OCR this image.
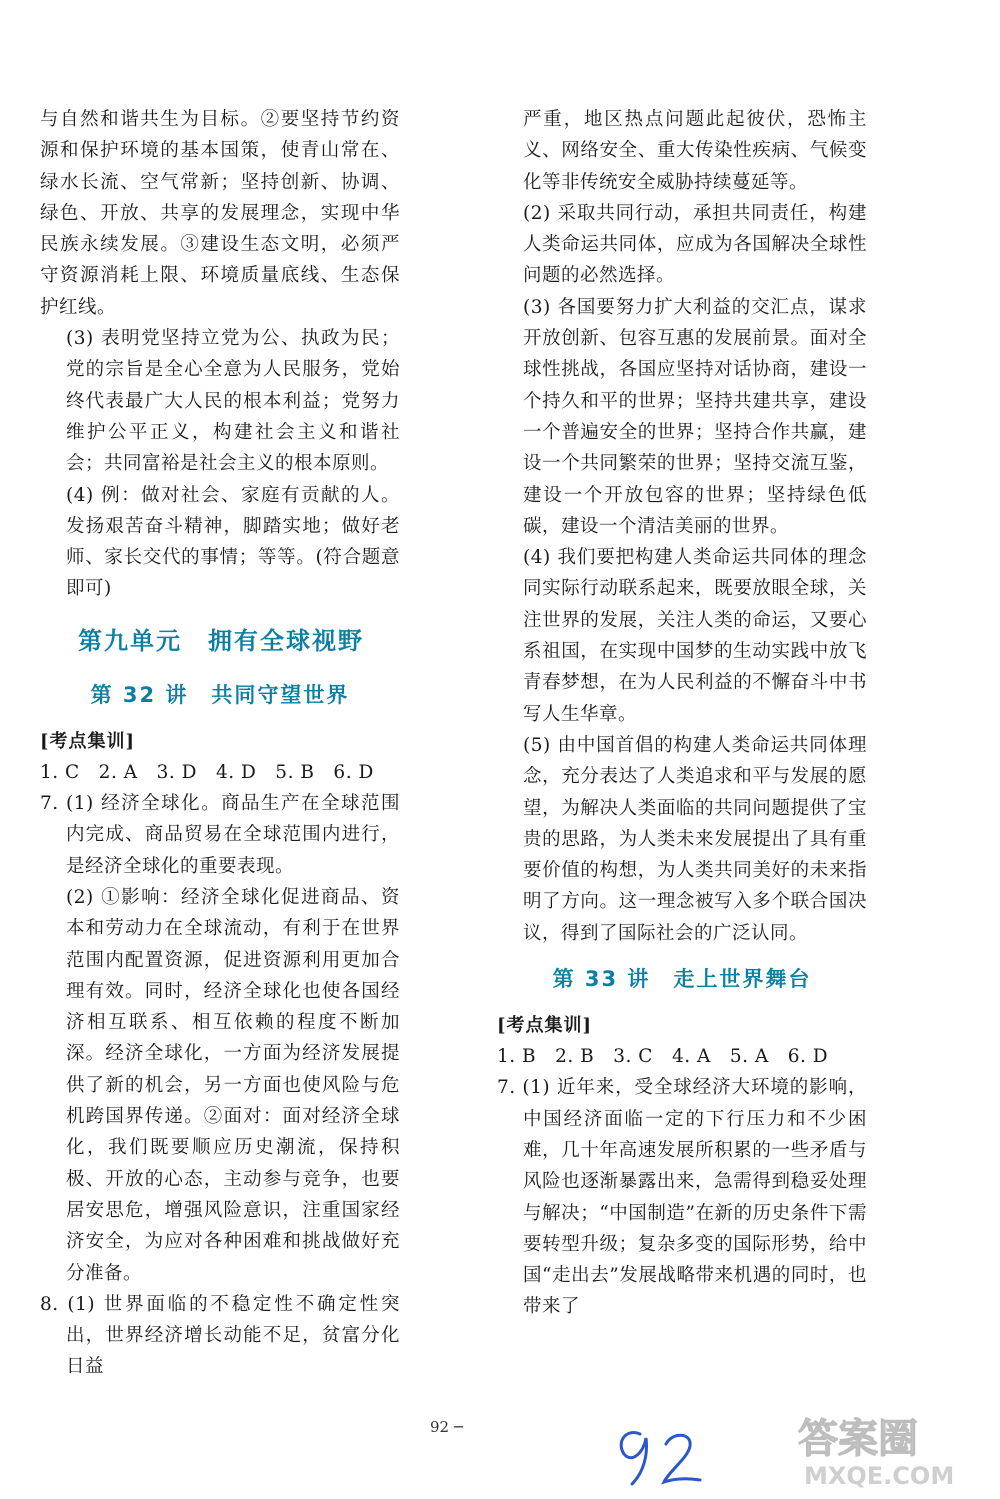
与自然和谐共生为目标。②要坚持节约资源和保护环境的基本国策，使青山常在、绿水长流、空气常新；坚持创新、协调、绿色、开放、共享的发展理念，实现中华民族永续发展。③建设生态文明，必须严守资源消耗上限、环境质量底线、生态保护红线。

(3) 表明党坚持立党为公、执政为民；党的宗旨是全心全意为人民服务，党始终代表最广大人民的根本利益；党努力维护公平正义，构建社会主义和谐社会；共同富裕是社会主义的根本原则。

(4) 例：做对社会、家庭有贡献的人。发扬艰苦奋斗精神，脚踏实地；做好老师、家长交代的事情；等等。(符合题意即可)

第九单元　拥有全球视野
第 32 讲　共同守望世界

[考点集训]

1. C　2. A　3. D　4. D　5. B　6. D

7. (1) 经济全球化。商品生产在全球范围内完成、商品贸易在全球范围内进行，是经济全球化的重要表现。

(2) ①影响：经济全球化促进商品、资本和劳动力在全球流动，有利于在世界范围内配置资源，促进资源利用更加合理有效。同时，经济全球化也使各国经济相互联系、相互依赖的程度不断加深。经济全球化，一方面为经济发展提供了新的机会，另一方面也使风险与危机跨国界传递。②面对：面对经济全球化，我们既要顺应历史潮流，保持积极、开放的心态，主动参与竞争，也要居安思危，增强风险意识，注重国家经济安全，为应对各种困难和挑战做好充分准备。

8. (1) 世界面临的不稳定性不确定性突出，世界经济增长动能不足，贫富分化日益

严重，地区热点问题此起彼伏，恐怖主义、网络安全、重大传染性疾病、气候变化等非传统安全威胁持续蔓延等。

(2) 采取共同行动，承担共同责任，构建人类命运共同体，应成为各国解决全球性问题的必然选择。

(3) 各国要努力扩大利益的交汇点，谋求开放创新、包容互惠的发展前景。面对全球性挑战，各国应坚持对话协商，建设一个持久和平的世界；坚持共建共享，建设一个普遍安全的世界；坚持合作共赢，建设一个共同繁荣的世界；坚持交流互鉴，建设一个开放包容的世界；坚持绿色低碳，建设一个清洁美丽的世界。

(4) 我们要把构建人类命运共同体的理念同实际行动联系起来，既要放眼全球，关注世界的发展，关注人类的命运，又要心系祖国，在实现中国梦的生动实践中放飞青春梦想，在为人民利益的不懈奋斗中书写人生华章。

(5) 由中国首倡的构建人类命运共同体理念，充分表达了人类追求和平与发展的愿望，为解决人类面临的共同问题提供了宝贵的思路，为人类未来发展提出了具有重要价值的构想，为人类共同美好的未来指明了方向。这一理念被写入多个联合国决议，得到了国际社会的广泛认同。

第 33 讲　走上世界舞台

[考点集训]

1. B　2. B　3. C　4. A　5. A　6. D

7. (1) 近年来，受全球经济大环境的影响，中国经济面临一定的下行压力和不少困难，几十年高速发展所积累的一些矛盾与风险也逐渐暴露出来，急需得到稳妥处理与解决；“中国制造”在新的历史条件下需要转型升级；复杂多变的国际形势，给中国“走出去”发展战略带来机遇的同时，也带来了

92 ─	答案圈
MXQE.COM
